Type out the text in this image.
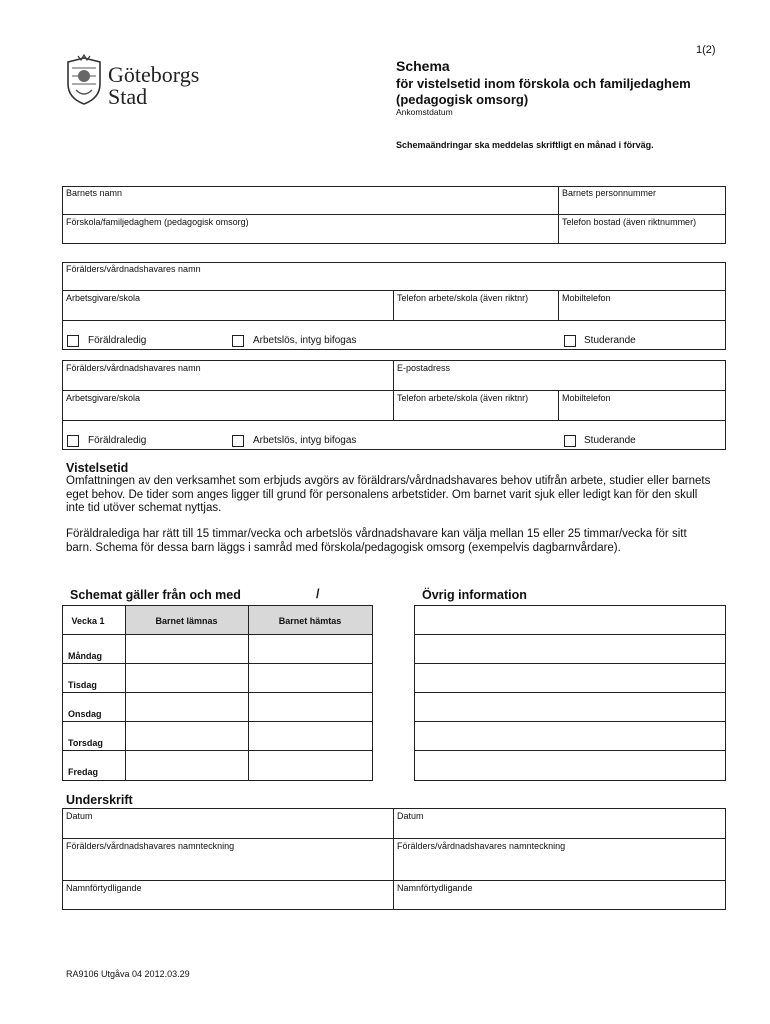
1(2)
Göteborgs
Stad
Schema
för vistelsetid inom förskola och familjedaghem
(pedagogisk omsorg)
Ankomstdatum
Schemaändringar ska meddelas skriftligt en månad i förväg.
Barnets namn	Barnets personnummer
Förskola/familjedaghem (pedagogisk omsorg)	Telefon bostad (även riktnummer)
Förälders/vårdnadshavares namn
Arbetsgivare/skola	Telefon arbete/skola (även riktnr)	Mobiltelefon
Föräldraledig	Arbetslös, intyg bifogas	Studerande
Förälders/vårdnadshavares namn	E-postadress
Arbetsgivare/skola	Telefon arbete/skola (även riktnr)	Mobiltelefon
Föräldraledig	Arbetslös, intyg bifogas	Studerande
Vistelsetid
Omfattningen av den verksamhet som erbjuds avgörs av föräldrars/vårdnadshavares behov utifrån arbete, studier eller barnets
eget behov. De tider som anges ligger till grund för personalens arbetstider. Om barnet varit sjuk eller ledigt kan för den skull
inte tid utöver schemat nyttjas.
Föräldralediga har rätt till 15 timmar/vecka och arbetslös vårdnadshavare kan välja mellan 15 eller 25 timmar/vecka för sitt
barn. Schema för dessa barn läggs i samråd med förskola/pedagogisk omsorg (exempelvis dagbarnvårdare).
Schemat gäller från och med	/
Vecka 1	Barnet lämnas	Barnet hämtas
Måndag
Tisdag
Onsdag
Torsdag
Fredag
Övrig information
Underskrift
Datum	Datum
Förälders/vårdnadshavares namnteckning	Förälders/vårdnadshavares namnteckning
Namnförtydligande	Namnförtydligande
RA9106 Utgåva 04 2012.03.29
